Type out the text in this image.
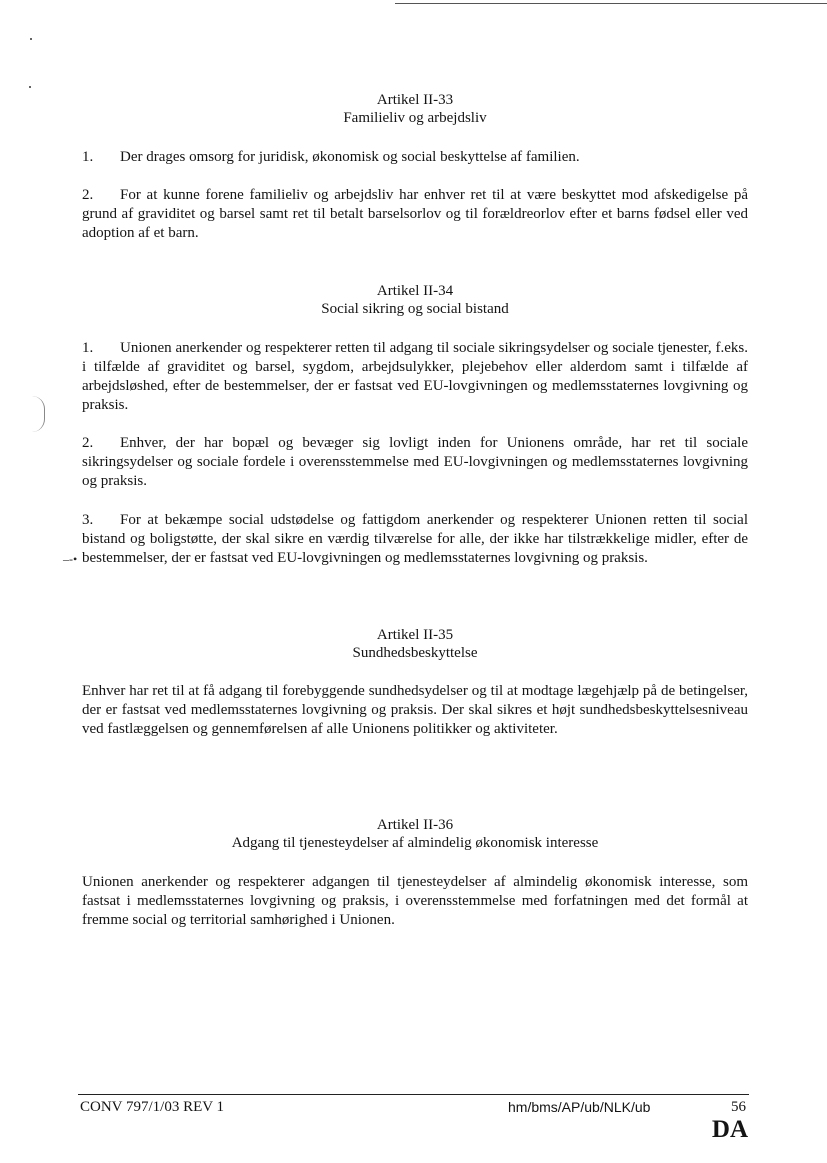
–-•
Artikel II-33
Familieliv og arbejdsliv
1. Der drages omsorg for juridisk, økonomisk og social beskyttelse af familien.
2. For at kunne forene familieliv og arbejdsliv har enhver ret til at være beskyttet mod afskedigelse på grund af graviditet og barsel samt ret til betalt barselsorlov og til forældreorlov efter et barns fødsel eller ved adoption af et barn.
Artikel II-34
Social sikring og social bistand
1. Unionen anerkender og respekterer retten til adgang til sociale sikringsydelser og sociale tjenester, f.eks. i tilfælde af graviditet og barsel, sygdom, arbejdsulykker, plejebehov eller alderdom samt i tilfælde af arbejdsløshed, efter de bestemmelser, der er fastsat ved EU-lovgivningen og medlemsstaternes lovgivning og praksis.
2. Enhver, der har bopæl og bevæger sig lovligt inden for Unionens område, har ret til sociale sikringsydelser og sociale fordele i overensstemmelse med EU-lovgivningen og medlemsstaternes lovgivning og praksis.
3. For at bekæmpe social udstødelse og fattigdom anerkender og respekterer Unionen retten til social bistand og boligstøtte, der skal sikre en værdig tilværelse for alle, der ikke har tilstrækkelige midler, efter de bestemmelser, der er fastsat ved EU-lovgivningen og medlemsstaternes lovgivning og praksis.
Artikel II-35
Sundhedsbeskyttelse
Enhver har ret til at få adgang til forebyggende sundhedsydelser og til at modtage lægehjælp på de betingelser, der er fastsat ved medlemsstaternes lovgivning og praksis. Der skal sikres et højt sundhedsbeskyttelsesniveau ved fastlæggelsen og gennemførelsen af alle Unionens politikker og aktiviteter.
Artikel II-36
Adgang til tjenesteydelser af almindelig økonomisk interesse
Unionen anerkender og respekterer adgangen til tjenesteydelser af almindelig økonomisk interesse, som fastsat i medlemsstaternes lovgivning og praksis, i overensstemmelse med forfatningen med det formål at fremme social og territorial samhørighed i Unionen.
CONV 797/1/03 REV 1	hm/bms/AP/ub/NLK/ub	56
DA
